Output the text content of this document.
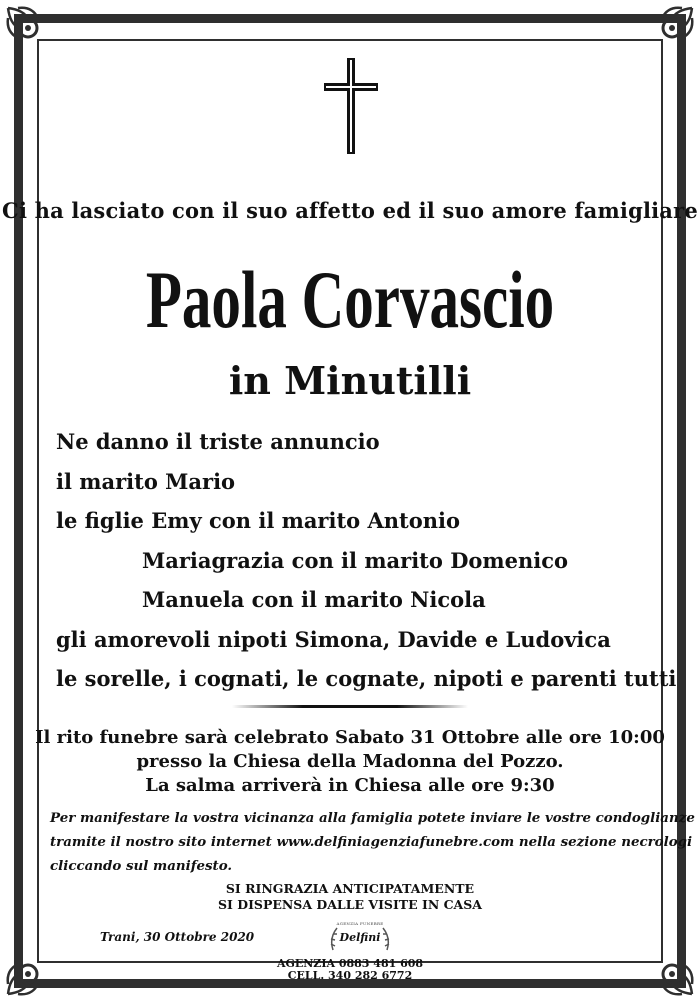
Ci ha lasciato con il suo affetto ed il suo amore famigliare
Paola Corvascio
in Minutilli
Ne danno il triste annuncio
il marito Mario
le figlie Emy con il marito Antonio
Mariagrazia con il marito Domenico
Manuela con il marito Nicola
gli amorevoli nipoti Simona, Davide e Ludovica
le sorelle, i cognati, le cognate, nipoti e parenti tutti
Il rito funebre sarà celebrato Sabato 31 Ottobre alle ore 10:00
presso la Chiesa della Madonna del Pozzo.
La salma arriverà in Chiesa alle ore 9:30
Per manifestare la vostra vicinanza alla famiglia potete inviare le vostre condoglianze
tramite il nostro sito internet www.delfiniagenziafunebre.com nella sezione necrologi
cliccando sul manifesto.
SI RINGRAZIA ANTICIPATAMENTE
SI DISPENSA DALLE VISITE IN CASA
Trani, 30 Ottobre 2020
AGENZIA FUNEBRE
Delfini
AGENZIA 0883 481 608
CELL. 340 282 6772
